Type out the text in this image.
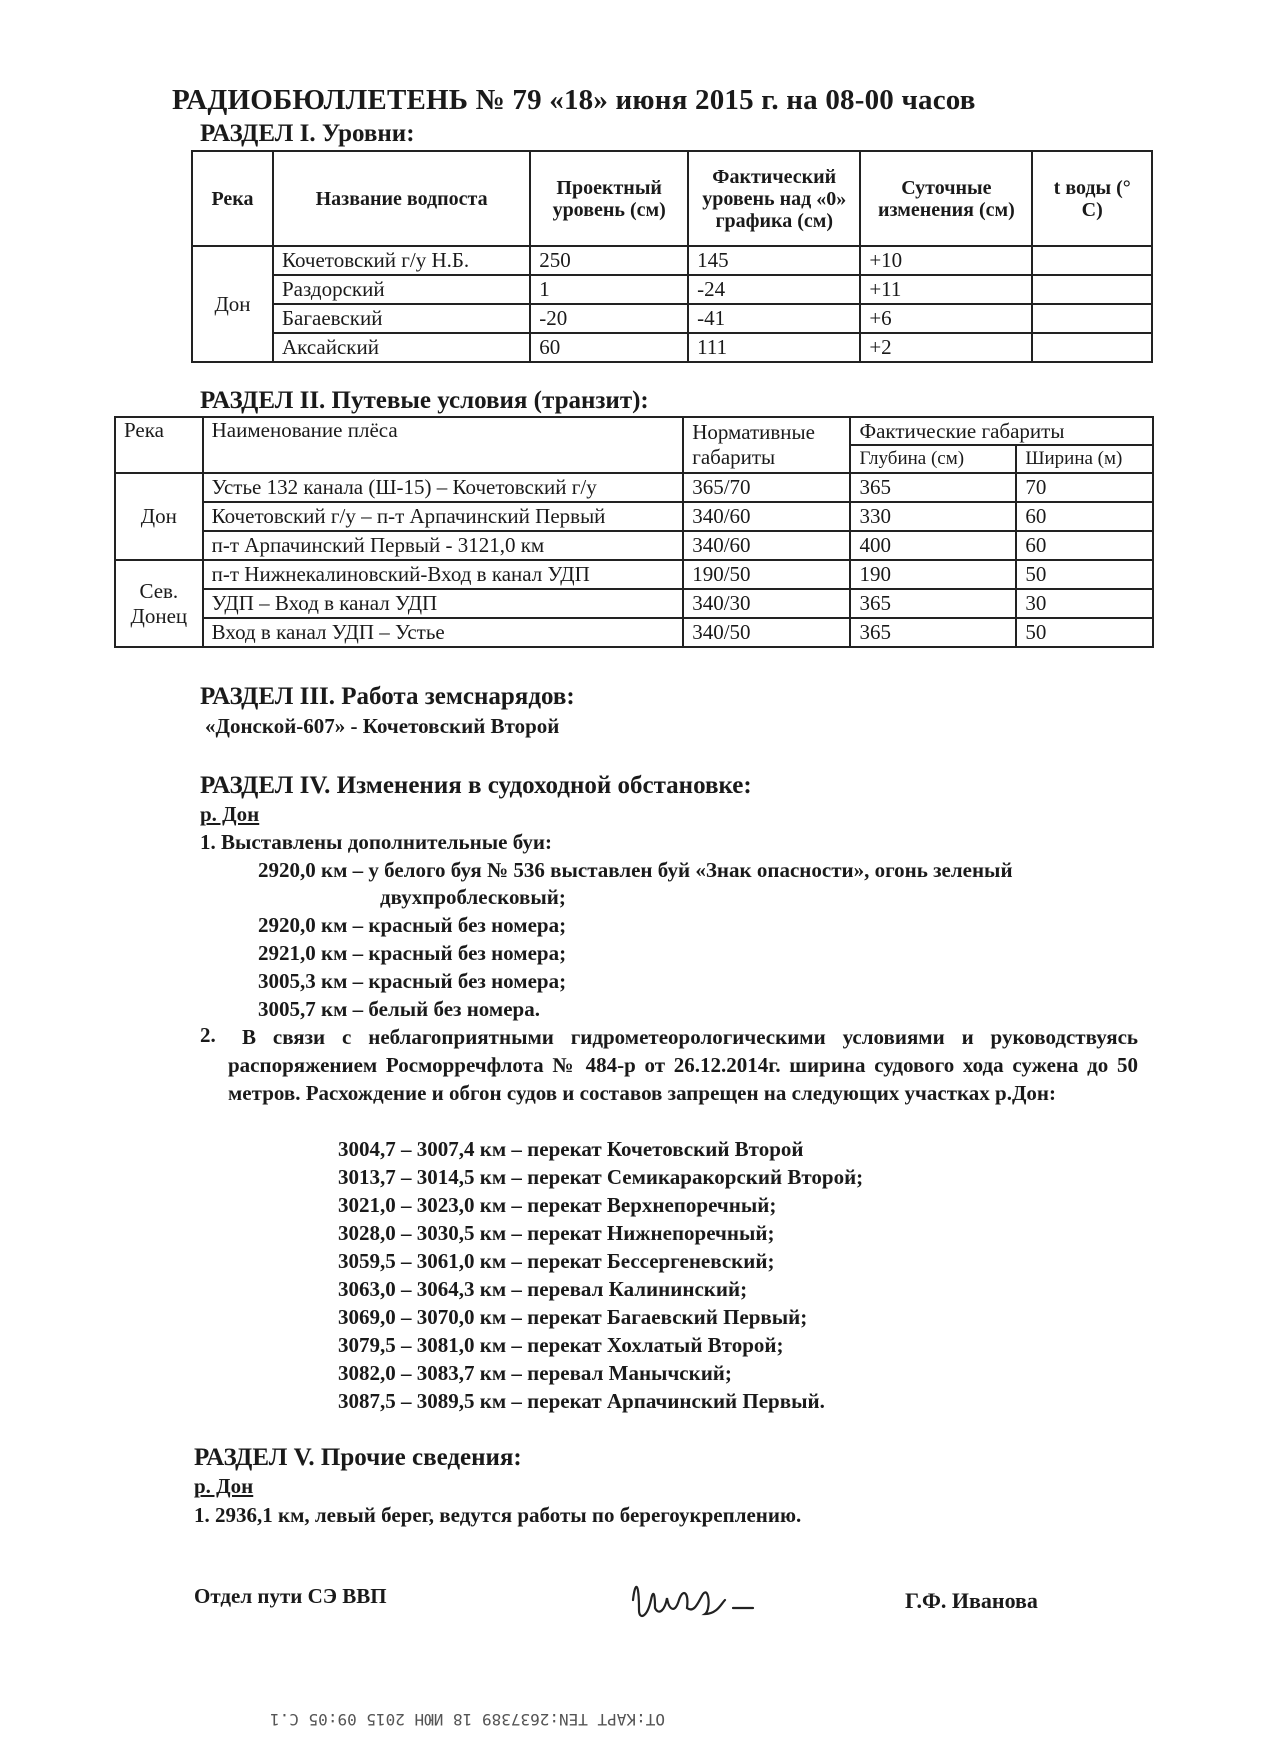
РАДИОБЮЛЛЕТЕНЬ № 79 «18» июня 2015 г. на 08-00 часов
РАЗДЕЛ I. Уровни:
Река	Название водпоста	Проектный уровень (см)	Фактический уровень над «0» графика (см)	Суточные изменения (см)	t воды (° С)
Дон	Кочетовский г/у Н.Б.	250	145	+10	
	Раздорский	1	-24	+11	
	Багаевский	-20	-41	+6	
	Аксайский	60	111	+2	
РАЗДЕЛ II. Путевые условия (транзит):
Река	Наименование плёса	Нормативные габариты	Фактические габариты	
			Глубина (см)	Ширина (м)
Дон	Устье 132 канала (Ш-15) – Кочетовский г/у	365/70	365	70
	Кочетовский г/у – п-т Арпачинский Первый	340/60	330	60
	п-т Арпачинский Первый - 3121,0 км	340/60	400	60
Сев. Донец	п-т Нижнекалиновский-Вход в канал УДП	190/50	190	50
	УДП – Вход в канал УДП	340/30	365	30
	Вход в канал УДП – Устье	340/50	365	50
РАЗДЕЛ III. Работа земснарядов:
«Донской-607» - Кочетовский Второй
РАЗДЕЛ IV. Изменения в судоходной обстановке:
р. Дон
1. Выставлены дополнительные буи:
2920,0 км – у белого буя № 536 выставлен буй «Знак опасности», огонь зеленый
двухпроблесковый;
2920,0 км – красный без номера;
2921,0 км – красный без номера;
3005,3 км – красный без номера;
3005,7 км – белый без номера.
2.	В связи с неблагоприятными гидрометеорологическими условиями и руководствуясь распоряжением Росморречфлота № 484-р от 26.12.2014г. ширина судового хода сужена до 50 метров. Расхождение и обгон судов и составов запрещен на следующих участках р.Дон:
3004,7 – 3007,4 км – перекат Кочетовский Второй
3013,7 – 3014,5 км – перекат Семикаракорский Второй;
3021,0 – 3023,0 км – перекат Верхнепоречный;
3028,0 – 3030,5 км – перекат Нижнепоречный;
3059,5 – 3061,0 км – перекат Бессергеневский;
3063,0 – 3064,3 км – перевал Калининский;
3069,0 – 3070,0 км – перекат Багаевский Первый;
3079,5 – 3081,0 км – перекат Хохлатый Второй;
3082,0 – 3083,7 км – перевал Манычский;
3087,5 – 3089,5 км – перекат Арпачинский Первый.
РАЗДЕЛ V. Прочие сведения:
р. Дон
1. 2936,1 км, левый берег, ведутся работы по берегоукреплению.
Отдел пути СЭ ВВП	Г.Ф. Иванова
OT:KAPT TEN:2637389 18 ИЮН 2015 09:05 C.1
